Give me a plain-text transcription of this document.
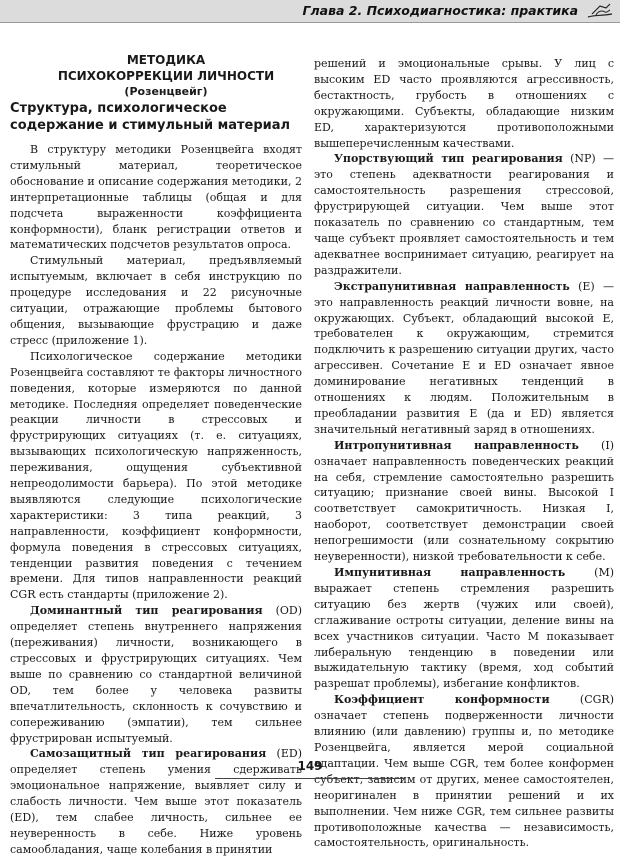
Глава 2. Психодиагностика: практика

МЕТОДИКА

ПСИХОКОРРЕКЦИИ ЛИЧНОСТИ

(Розенцвейг)

Структура, психологическое содержание и стимульный материал

В структуру методики Розенцвейга входят стимульный материал, теоретическое обоснование и описание содержания методики, 2 интерпретационные таблицы (общая и для подсчета выраженности коэффициента конформности), бланк регистрации ответов и математических подсчетов результатов опроса.

Стимульный материал, предъявляемый испытуемым, включает в себя инструкцию по процедуре исследования и 22 рисуночные ситуации, отражающие проблемы бытового общения, вызывающие фрустрацию и даже стресс (приложение 1).

Психологическое содержание методики Розенцвейга составляют те факторы личностного поведения, которые измеряются по данной методике. Последняя определяет поведенческие реакции личности в стрессовых и фрустрирующих ситуациях (т. е. ситуациях, вызывающих психологическую напряженность, переживания, ощущения субъективной непреодолимости барьера). По этой методике выявляются следующие психологические характеристики: 3 типа реакций, 3 направленности, коэффициент конформности, формула поведения в стрессовых ситуациях, тенденции развития поведения с течением времени. Для типов направленности реакций CGR есть стандарты (приложение 2).

Доминантный тип реагирования (OD) определяет степень внутреннего напряжения (переживания) личности, возникающего в стрессовых и фрустрирующих ситуациях. Чем выше по сравнению со стандартной величиной OD, тем более у человека развиты впечатлительность, склонность к сочувствию и сопереживанию (эмпатии), тем сильнее фрустрирован испытуемый.

Самозащитный тип реагирования (ED) определяет степень умения сдерживать эмоциональное напряжение, выявляет силу и слабость личности. Чем выше этот показатель (ED), тем слабее личность, сильнее ее неуверенность в себе. Ниже уровень самообладания, чаще колебания в принятии

решений и эмоциональные срывы. У лиц с высоким ED часто проявляются агрессивность, бестактность, грубость в отношениях с окружающими. Субъекты, обладающие низким ED, характеризуются противоположными вышеперечисленным качествами.

Упорствующий тип реагирования (NP) — это степень адекватности реагирования и самостоятельность разрешения стрессовой, фрустрирующей ситуации. Чем выше этот показатель по сравнению со стандартным, тем чаще субъект проявляет самостоятельность и тем адекватнее воспринимает ситуацию, реагирует на раздражители.

Экстрапунитивная направленность (Е) — это направленность реакций личности вовне, на окружающих. Субъект, обладающий высокой Е, требователен к окружающим, стремится подключить к разрешению ситуации других, часто агрессивен. Сочетание Е и ED означает явное доминирование негативных тенденций в отношениях к людям. Положительным в преобладании развития Е (да и ED) является значительный негативный заряд в отношениях.

Интропунитивная направленность (I) означает направленность поведенческих реакций на себя, стремление самостоятельно разрешить ситуацию; признание своей вины. Высокой I соответствует самокритичность. Низкая I, наоборот, соответствует демонстрации своей непогрешимости (или сознательному сокрытию неуверенности), низкой требовательности к себе.

Импунитивная направленность (М) выражает степень стремления разрешить ситуацию без жертв (чужих или своей), сглаживание остроты ситуации, деление вины на всех участников ситуации. Часто М показывает либеральную тенденцию в поведении или выжидательную тактику (время, ход событий разрешат проблемы), избегание конфликтов.

Коэффициент конформности (CGR) означает степень подверженности личности влиянию (или давлению) группы и, по методике Розенцвейга, является мерой социальной адаптации. Чем выше CGR, тем более конформен субъект, зависим от других, менее самостоятелен, неоригинален в принятии решений и их выполнении. Чем ниже CGR, тем сильнее развиты противоположные качества — независимость, самостоятельность, оригинальность.

149
